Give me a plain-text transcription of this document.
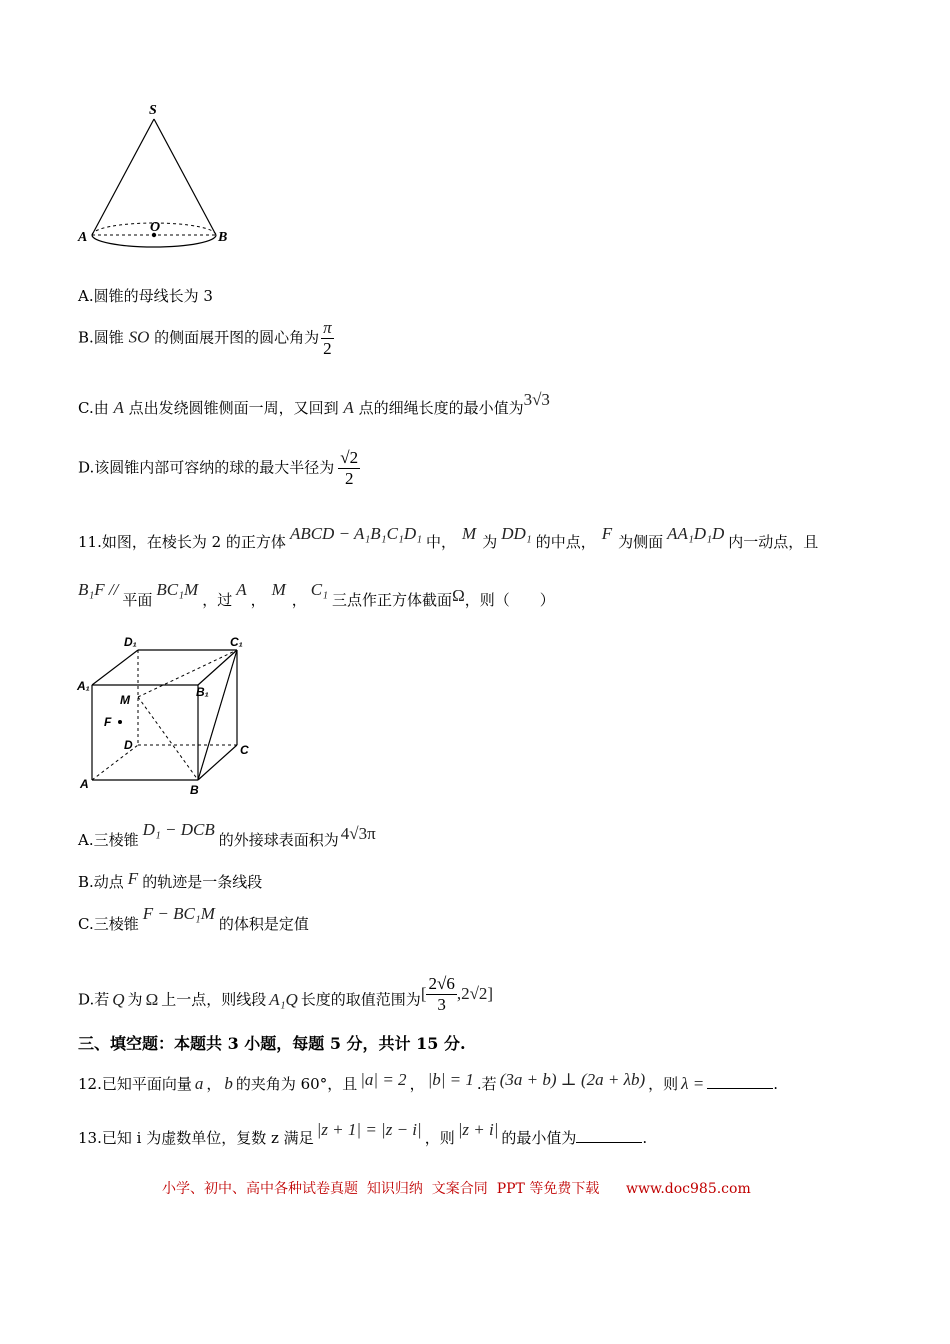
S
A
O
B
A.圆锥的母线长为 3
B.圆锥 SO 的侧面展开图的圆心角为 $\frac{\pi}{2}$
C.由 A 点出发绕圆锥侧面一周，又回到 A 点的细绳长度的最小值为3√3
D.该圆锥内部可容纳的球的最大半径为 $\frac{√2}{2}$
11.如图，在棱长为 2 的正方体 ABCD − A₁B₁C₁D₁ 中， M 为 DD₁ 的中点， F 为侧面 AA₁D₁D 内一动点，且
B₁F //平面BC₁M，过A，M，C₁三点作正方体截面Ω，则（　　）
D₁	C₁
A₁	B₁
M
F
D	C
A	B
A.三棱锥D₁ − DCB的外接球表面积为 4√3π
B.动点 F 的轨迹是一条线段
C.三棱锥F − BC₁M的体积是定值
D.若 Q 为 Ω 上一点，则线段 A₁Q 长度的取值范围为[ $\frac{2√6}{3} ,2√2$]
三、填空题：本题共 3 小题，每题 5 分，共计 15 分.
12.已知平面向量 a ， b 的夹角为 60°，且 |a| = 2 ， |b| = 1 .若 (3a + b) ⊥ (2a + λb) ，则 λ =	.
13.已知 i 为虚数单位，复数 z 满足 |z + 1| = |z − i| ，则 |z + i| 的最小值为	.
小学、初中、高中各种试卷真题  知识归纳  文案合同  PPT 等免费下载      www.doc985.com
